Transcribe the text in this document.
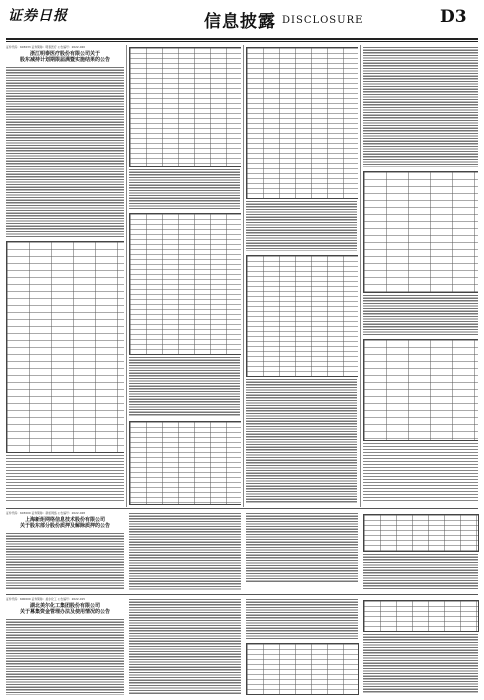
证券日报	信息披露 DISCLOSURE	D3
证券代码：603633 证券简称：明泰医疗 公告编号：2022-020
浙江明泰医疗股份有限公司关于
股东减持计划期限届满暨实施结果的公告
证券代码：603000 证券简称：新炬网络 公告编号：2022-028
上海新炬网络信息技术股份有限公司
关于股东部分股份质押及解除质押的公告
证券代码：600000 证券简称：美尔化工 公告编号：2022-015
湖北美尔化工集团股份有限公司
关于募集资金管理办法及使用情况的公告
